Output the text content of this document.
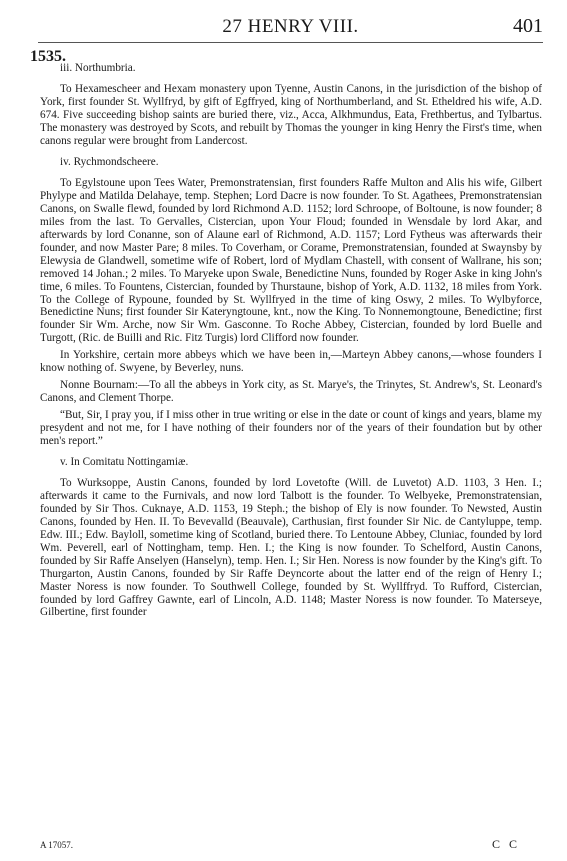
27 HENRY VIII.	401
1535.

iii. Northumbria.

To Hexamescheer and Hexam monastery upon Tyenne, Austin Canons, in the jurisdiction of the bishop of York, first founder St. Wyllfryd, by gift of Egffryed, king of Northumberland, and St. Etheldred his wife, A.D. 674. Five succeeding bishop saints are buried there, viz., Acca, Alkhmundus, Eata, Frethbertus, and Tylbartus. The monastery was destroyed by Scots, and rebuilt by Thomas the younger in king Henry the First's time, when canons regular were brought from Landercost.

iv. Rychmondscheere.

To Egylstoune upon Tees Water, Premonstratensian, first founders Raffe Multon and Alis his wife, Gilbert Phylype and Matilda Delahaye, temp. Stephen; Lord Dacre is now founder. To St. Agathees, Premonstratensian Canons, on Swalle flewd, founded by lord Richmond A.D. 1152; lord Schroope, of Boltoune, is now founder; 8 miles from the last. To Gervalles, Cistercian, upon Your Floud; founded in Wensdale by lord Akar, and afterwards by lord Conanne, son of Alaune earl of Richmond, A.D. 1157; Lord Fytheus was afterwards their founder, and now Master Pare; 8 miles. To Coverham, or Corame, Premonstratensian, founded at Swaynsby by Elewysia de Glandwell, sometime wife of Robert, lord of Mydlam Chastell, with consent of Wallrane, his son; removed 14 Johan.; 2 miles. To Maryeke upon Swale, Benedictine Nuns, founded by Roger Aske in king John's time, 6 miles. To Fountens, Cistercian, founded by Thurstaune, bishop of York, A.D. 1132, 18 miles from York. To the College of Rypoune, founded by St. Wyllfryed in the time of king Oswy, 2 miles. To Wylbyforce, Benedictine Nuns; first founder Sir Kateryngtoune, knt., now the King. To Nonnemongtoune, Benedictine; first founder Sir Wm. Arche, now Sir Wm. Gasconne. To Roche Abbey, Cistercian, founded by lord Buelle and Turgott, (Ric. de Builli and Ric. Fitz Turgis) lord Clifford now founder.

In Yorkshire, certain more abbeys which we have been in,—Marteyn Abbey canons,—whose founders I know nothing of. Swyene, by Beverley, nuns.

Nonne Bournam:—To all the abbeys in York city, as St. Marye's, the Trinytes, St. Andrew's, St. Leonard's Canons, and Clement Thorpe.

“But, Sir, I pray you, if I miss other in true writing or else in the date or count of kings and years, blame my presydent and not me, for I have nothing of their founders nor of the years of their foundation but by other men's report.”

v. In Comitatu Nottingamiæ.

To Wurksoppe, Austin Canons, founded by lord Lovetofte (Will. de Luvetot) A.D. 1103, 3 Hen. I.; afterwards it came to the Furnivals, and now lord Talbott is the founder. To Welbyeke, Premonstratensian, founded by Sir Thos. Cuknaye, A.D. 1153, 19 Steph.; the bishop of Ely is now founder. To Newsted, Austin Canons, founded by Hen. II. To Bevevalld (Beauvale), Carthusian, first founder Sir Nic. de Cantyluppe, temp. Edw. III.; Edw. Bayloll, sometime king of Scotland, buried there. To Lentoune Abbey, Cluniac, founded by lord Wm. Peverell, earl of Nottingham, temp. Hen. I.; the King is now founder. To Schelford, Austin Canons, founded by Sir Raffe Anselyen (Hanselyn), temp. Hen. I.; Sir Hen. Noress is now founder by the King's gift. To Thurgarton, Austin Canons, founded by Sir Raffe Deyncorte about the latter end of the reign of Henry I.; Master Noress is now founder. To Southwell College, founded by St. Wyllffryd. To Rufford, Cistercian, founded by lord Gaffrey Gawnte, earl of Lincoln, A.D. 1148; Master Noress is now founder. To Materseye, Gilbertine, first founder

A 17057.	C C
